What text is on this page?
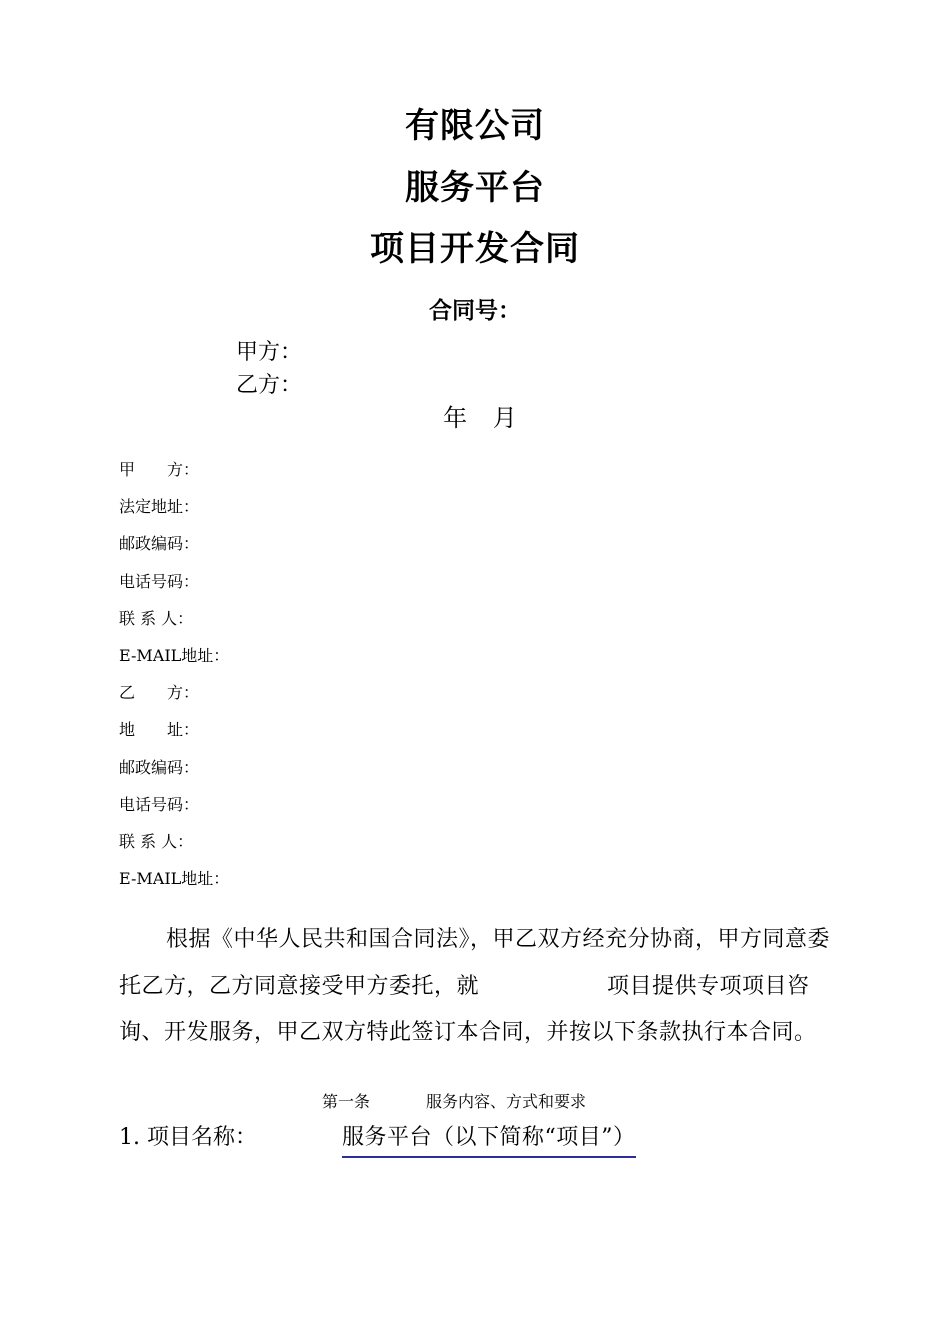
有限公司
服务平台
项目开发合同
合同号：
甲方：
乙方：
年 月
甲　　方：
法定地址：
邮政编码：
电话号码：
联 系 人：
E-MAIL地址：
乙　　方：
地　　址：
邮政编码：
电话号码：
联 系 人：
E-MAIL地址：

根据《中华人民共和国合同法》，甲乙双方经充分协商，甲方同意委托乙方，乙方同意接受甲方委托，就	项目提供专项项目咨询、开发服务，甲乙双方特此签订本合同，并按以下条款执行本合同。

第一条	服务内容、方式和要求
1. 项目名称：	服务平台（以下简称“项目”）
